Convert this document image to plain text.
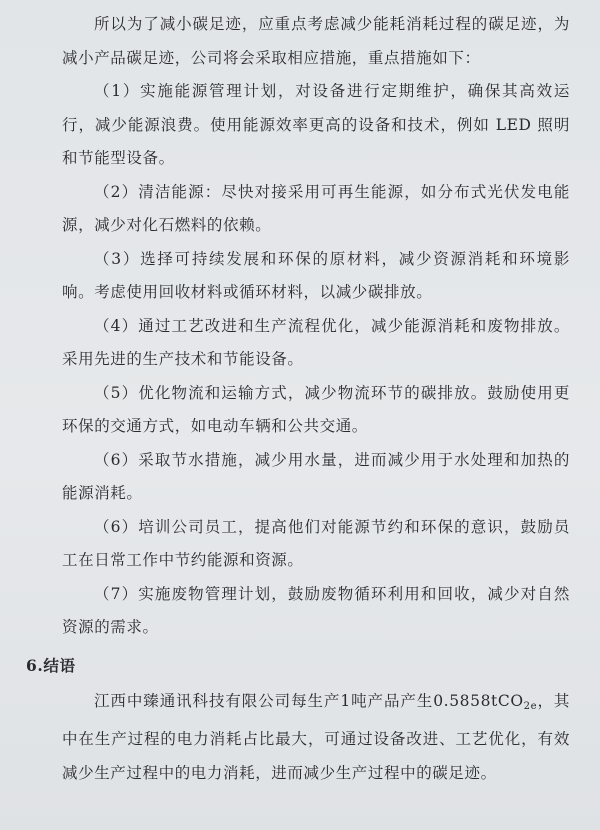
所以为了减小碳足迹，应重点考虑减少能耗消耗过程的碳足迹，为减小产品碳足迹，公司将会采取相应措施，重点措施如下：

（1）实施能源管理计划，对设备进行定期维护，确保其高效运行，减少能源浪费。使用能源效率更高的设备和技术，例如 LED 照明和节能型设备。

（2）清洁能源：尽快对接采用可再生能源，如分布式光伏发电能源，减少对化石燃料的依赖。

（3）选择可持续发展和环保的原材料，减少资源消耗和环境影响。考虑使用回收材料或循环材料，以减少碳排放。

（4）通过工艺改进和生产流程优化，减少能源消耗和废物排放。采用先进的生产技术和节能设备。

（5）优化物流和运输方式，减少物流环节的碳排放。鼓励使用更环保的交通方式，如电动车辆和公共交通。

（6）采取节水措施，减少用水量，进而减少用于水处理和加热的能源消耗。

（6）培训公司员工，提高他们对能源节约和环保的意识，鼓励员工在日常工作中节约能源和资源。

（7）实施废物管理计划，鼓励废物循环利用和回收，减少对自然资源的需求。

6.结语

江西中臻通讯科技有限公司每生产1吨产品产生0.5858tCO$_{2e}$，其中在生产过程的电力消耗占比最大，可通过设备改进、工艺优化，有效减少生产过程中的电力消耗，进而减少生产过程中的碳足迹。
